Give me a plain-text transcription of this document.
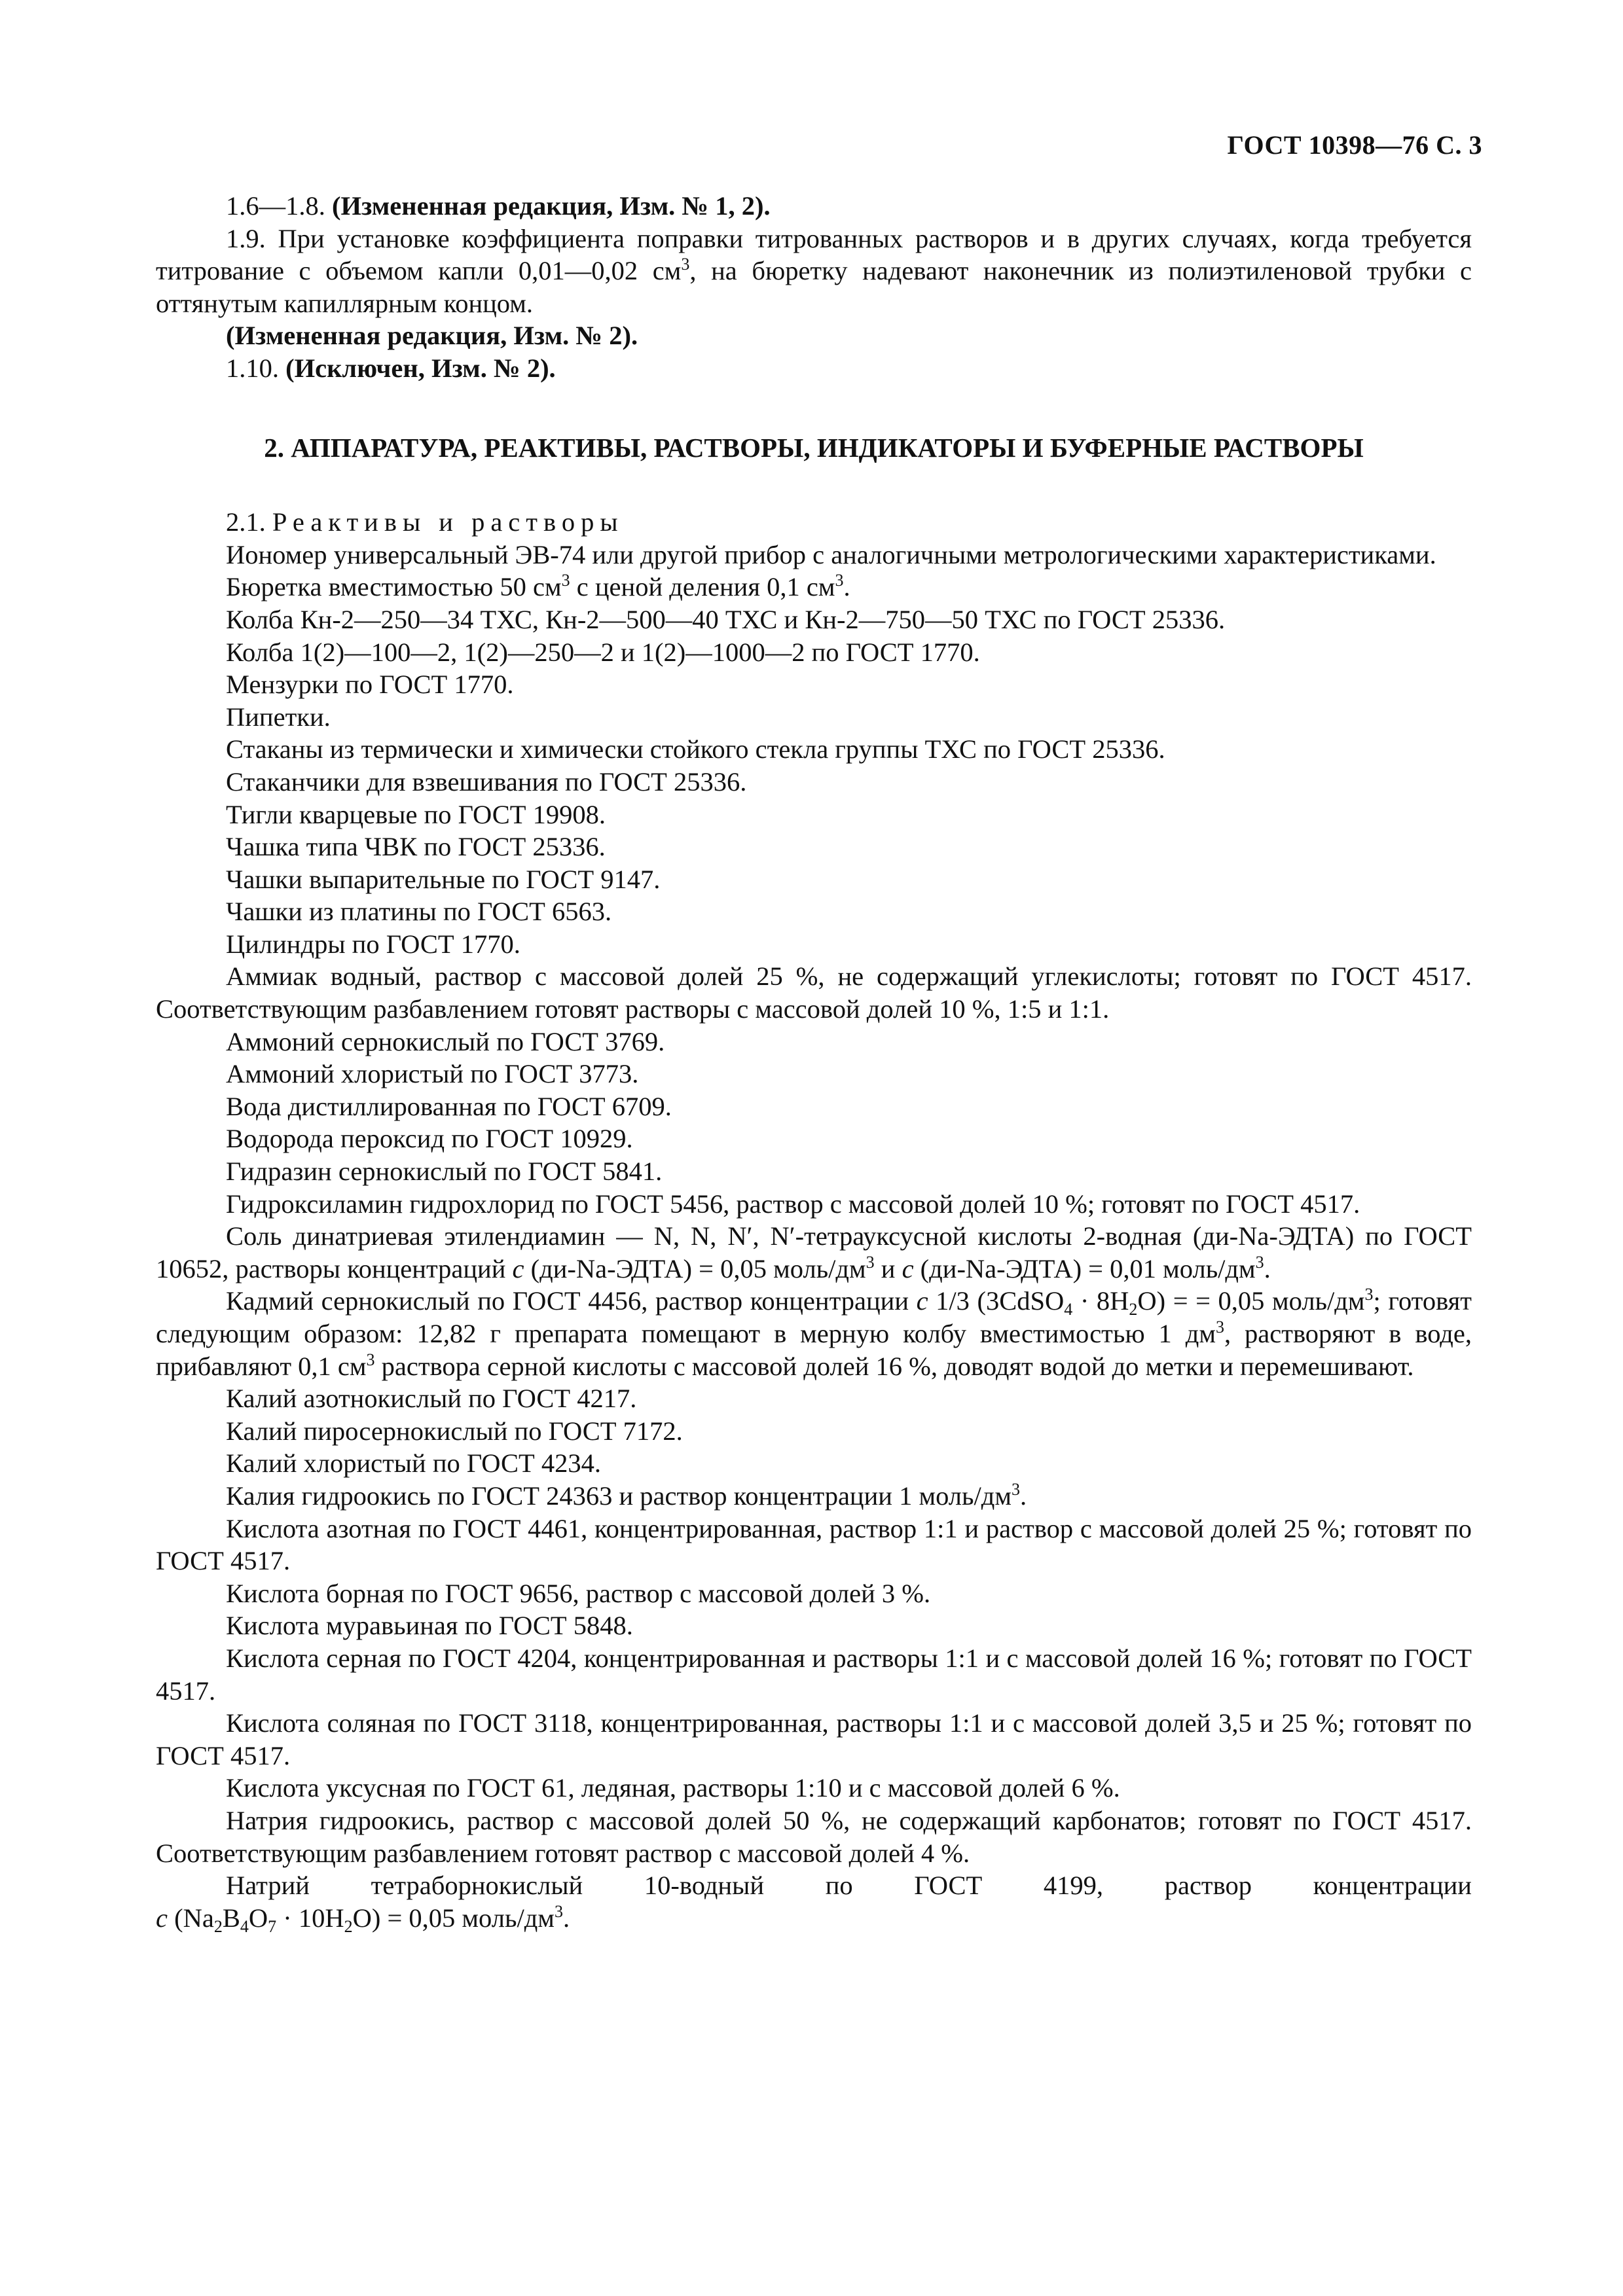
ГОСТ 10398—76 С. 3

1.6—1.8. (Измененная редакция, Изм. № 1, 2).

1.9. При установке коэффициента поправки титрованных растворов и в других случаях, когда требуется титрование с объемом капли 0,01—0,02 $см^3$, на бюретку надевают наконечник из полиэтиленовой трубки с оттянутым капиллярным концом.

(Измененная редакция, Изм. № 2).

1.10. (Исключен, Изм. № 2).

2. АППАРАТУРА, РЕАКТИВЫ, РАСТВОРЫ, ИНДИКАТОРЫ И БУФЕРНЫЕ РАСТВОРЫ

2.1. Реактивы и растворы

Иономер универсальный ЭВ-74 или другой прибор с аналогичными метрологическими характеристиками.

Бюретка вместимостью 50 $см^3$ с ценой деления 0,1 $см^3$.

Колба Кн-2—250—34 ТХС, Кн-2—500—40 ТХС и Кн-2—750—50 ТХС по ГОСТ 25336.

Колба 1(2)—100—2, 1(2)—250—2 и 1(2)—1000—2 по ГОСТ 1770.

Мензурки по ГОСТ 1770.

Пипетки.

Стаканы из термически и химически стойкого стекла группы ТХС по ГОСТ 25336.

Стаканчики для взвешивания по ГОСТ 25336.

Тигли кварцевые по ГОСТ 19908.

Чашка типа ЧВК по ГОСТ 25336.

Чашки выпарительные по ГОСТ 9147.

Чашки из платины по ГОСТ 6563.

Цилиндры по ГОСТ 1770.

Аммиак водный, раствор с массовой долей 25 %, не содержащий углекислоты; готовят по ГОСТ 4517. Соответствующим разбавлением готовят растворы с массовой долей 10 %, 1:5 и 1:1.

Аммоний сернокислый по ГОСТ 3769.

Аммоний хлористый по ГОСТ 3773.

Вода дистиллированная по ГОСТ 6709.

Водорода пероксид по ГОСТ 10929.

Гидразин сернокислый по ГОСТ 5841.

Гидроксиламин гидрохлорид по ГОСТ 5456, раствор с массовой долей 10 %; готовят по ГОСТ 4517.

Соль динатриевая этилендиамин — N, N, N′, N′-тетрауксусной кислоты 2-водная (ди-Na-ЭДТА) по ГОСТ 10652, растворы концентраций c (ди-Na-ЭДТА) = 0,05 моль/$дм^3$ и c (ди-Na-ЭДТА) = 0,01 моль/$дм^3$.

Кадмий сернокислый по ГОСТ 4456, раствор концентрации c 1/3 (3CdSO$_4$ · $8H_2O$) = = 0,05 моль/$дм^3$; готовят следующим образом: 12,82 г препарата помещают в мерную колбу вместимостью 1 $дм^3$, растворяют в воде, прибавляют 0,1 $см^3$ раствора серной кислоты с массовой долей 16 %, доводят водой до метки и перемешивают.

Калий азотнокислый по ГОСТ 4217.

Калий пиросернокислый по ГОСТ 7172.

Калий хлористый по ГОСТ 4234.

Калия гидроокись по ГОСТ 24363 и раствор концентрации 1 моль/$дм^3$.

Кислота азотная по ГОСТ 4461, концентрированная, раствор 1:1 и раствор с массовой долей 25 %; готовят по ГОСТ 4517.

Кислота борная по ГОСТ 9656, раствор с массовой долей 3 %.

Кислота муравьиная по ГОСТ 5848.

Кислота серная по ГОСТ 4204, концентрированная и растворы 1:1 и с массовой долей 16 %; готовят по ГОСТ 4517.

Кислота соляная по ГОСТ 3118, концентрированная, растворы 1:1 и с массовой долей 3,5 и 25 %; готовят по ГОСТ 4517.

Кислота уксусная по ГОСТ 61, ледяная, растворы 1:10 и с массовой долей 6 %.

Натрия гидроокись, раствор с массовой долей 50 %, не содержащий карбонатов; готовят по ГОСТ 4517. Соответствующим разбавлением готовят раствор с массовой долей 4 %.

Натрий тетраборнокислый 10-водный по ГОСТ 4199, раствор концентрации

c $(Na_2B_4O_7 \cdot 10H_2O) = 0,05$ моль/$дм^3$.
